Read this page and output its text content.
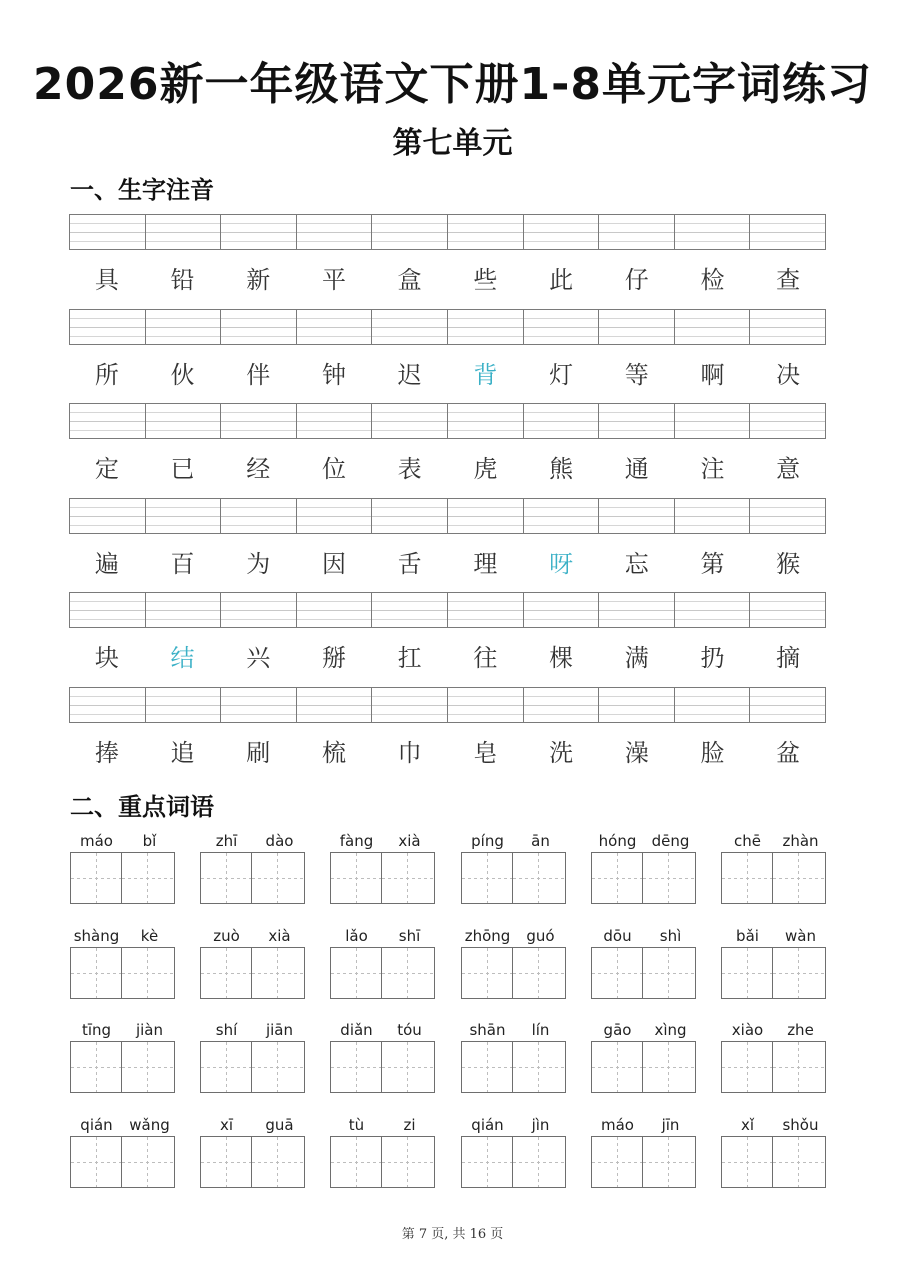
2026新一年级语文下册1-8单元字词练习
第七单元
一、生字注音
具	铅	新	平	盒	些	此	仔	检	查
所	伙	伴	钟	迟	背	灯	等	啊	决
定	已	经	位	表	虎	熊	通	注	意
遍	百	为	因	舌	理	呀	忘	第	猴
块	结	兴	掰	扛	往	棵	满	扔	摘
捧	追	刷	梳	巾	皂	洗	澡	脸	盆
二、重点词语
máo	bǐ	zhī	dào	fàng	xià	píng	ān	hóng	dēng	chē	zhàn
shàng	kè	zuò	xià	lǎo	shī	zhōng	guó	dōu	shì	bǎi	wàn
tīng	jiàn	shí	jiān	diǎn	tóu	shān	lín	gāo	xìng	xiào	zhe
qián	wǎng	xī	guā	tù	zi	qián	jìn	máo	jīn	xǐ	shǒu
第 7 页, 共 16 页
